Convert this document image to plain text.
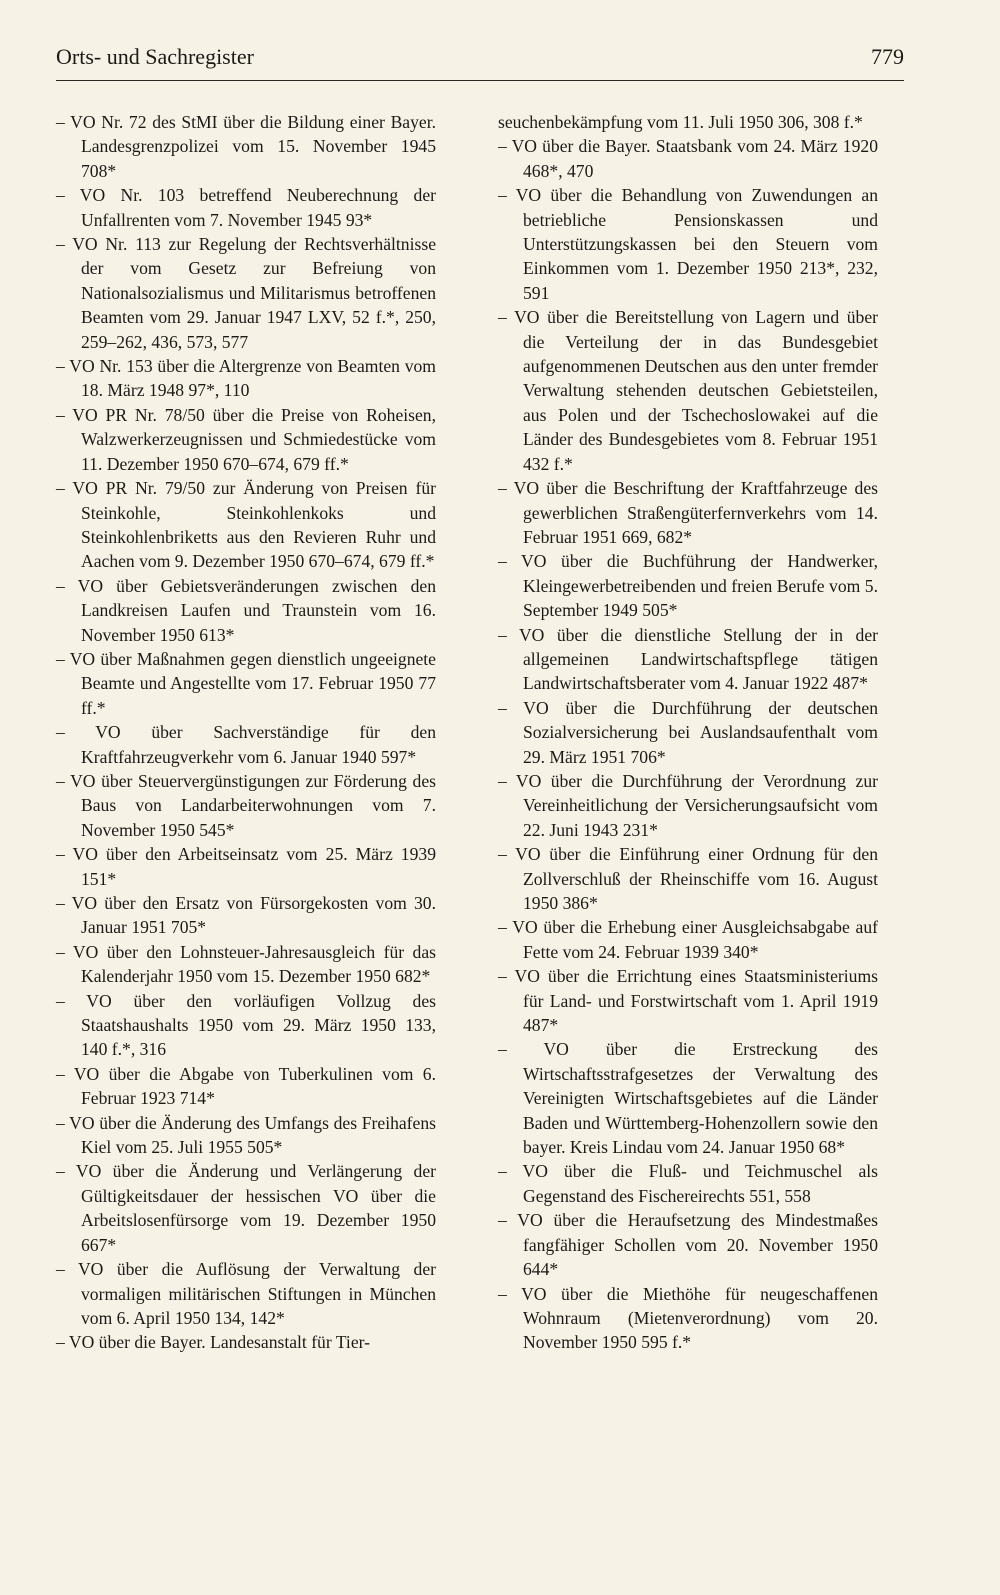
Orts- und Sachregister	779

– VO Nr. 72 des StMI über die Bildung einer Bayer. Landesgrenzpolizei vom 15. November 1945 708*

– VO Nr. 103 betreffend Neuberechnung der Unfallrenten vom 7. November 1945 93*

– VO Nr. 113 zur Regelung der Rechtsverhältnisse der vom Gesetz zur Befreiung von Nationalsozialismus und Militarismus betroffenen Beamten vom 29. Januar 1947 LXV, 52 f.*, 250, 259–262, 436, 573, 577

– VO Nr. 153 über die Altergrenze von Beamten vom 18. März 1948 97*, 110

– VO PR Nr. 78/50 über die Preise von Roheisen, Walzwerkerzeugnissen und Schmiedestücke vom 11. Dezember 1950 670–674, 679 ff.*

– VO PR Nr. 79/50 zur Änderung von Preisen für Steinkohle, Steinkohlenkoks und Steinkohlenbriketts aus den Revieren Ruhr und Aachen vom 9. Dezember 1950 670–674, 679 ff.*

– VO über Gebietsveränderungen zwischen den Landkreisen Laufen und Traunstein vom 16. November 1950 613*

– VO über Maßnahmen gegen dienstlich ungeeignete Beamte und Angestellte vom 17. Februar 1950 77 ff.*

– VO über Sachverständige für den Kraftfahrzeugverkehr vom 6. Januar 1940 597*

– VO über Steuervergünstigungen zur Förderung des Baus von Landarbeiterwohnungen vom 7. November 1950 545*

– VO über den Arbeitseinsatz vom 25. März 1939 151*

– VO über den Ersatz von Fürsorgekosten vom 30. Januar 1951 705*

– VO über den Lohnsteuer-Jahresausgleich für das Kalenderjahr 1950 vom 15. Dezember 1950 682*

– VO über den vorläufigen Vollzug des Staatshaushalts 1950 vom 29. März 1950 133, 140 f.*, 316

– VO über die Abgabe von Tuberkulinen vom 6. Februar 1923 714*

– VO über die Änderung des Umfangs des Freihafens Kiel vom 25. Juli 1955 505*

– VO über die Änderung und Verlängerung der Gültigkeitsdauer der hessischen VO über die Arbeitslosenfürsorge vom 19. Dezember 1950 667*

– VO über die Auflösung der Verwaltung der vormaligen militärischen Stiftungen in München vom 6. April 1950 134, 142*

– VO über die Bayer. Landesanstalt für Tier-

seuchenbekämpfung vom 11. Juli 1950 306, 308 f.*

– VO über die Bayer. Staatsbank vom 24. März 1920 468*, 470

– VO über die Behandlung von Zuwendungen an betriebliche Pensionskassen und Unterstützungskassen bei den Steuern vom Einkommen vom 1. Dezember 1950 213*, 232, 591

– VO über die Bereitstellung von Lagern und über die Verteilung der in das Bundesgebiet aufgenommenen Deutschen aus den unter fremder Verwaltung stehenden deutschen Gebietsteilen, aus Polen und der Tschechoslowakei auf die Länder des Bundesgebietes vom 8. Februar 1951 432 f.*

– VO über die Beschriftung der Kraftfahrzeuge des gewerblichen Straßengüterfernverkehrs vom 14. Februar 1951 669, 682*

– VO über die Buchführung der Handwerker, Kleingewerbetreibenden und freien Berufe vom 5. September 1949 505*

– VO über die dienstliche Stellung der in der allgemeinen Landwirtschaftspflege tätigen Landwirtschaftsberater vom 4. Januar 1922 487*

– VO über die Durchführung der deutschen Sozialversicherung bei Auslandsaufenthalt vom 29. März 1951 706*

– VO über die Durchführung der Verordnung zur Vereinheitlichung der Versicherungsaufsicht vom 22. Juni 1943 231*

– VO über die Einführung einer Ordnung für den Zollverschluß der Rheinschiffe vom 16. August 1950 386*

– VO über die Erhebung einer Ausgleichsabgabe auf Fette vom 24. Februar 1939 340*

– VO über die Errichtung eines Staatsministeriums für Land- und Forstwirtschaft vom 1. April 1919 487*

– VO über die Erstreckung des Wirtschaftsstrafgesetzes der Verwaltung des Vereinigten Wirtschaftsgebietes auf die Länder Baden und Württemberg-Hohenzollern sowie den bayer. Kreis Lindau vom 24. Januar 1950 68*

– VO über die Fluß- und Teichmuschel als Gegenstand des Fischereirechts 551, 558

– VO über die Heraufsetzung des Mindestmaßes fangfähiger Schollen vom 20. November 1950 644*

– VO über die Miethöhe für neugeschaffenen Wohnraum (Mietenverordnung) vom 20. November 1950 595 f.*
